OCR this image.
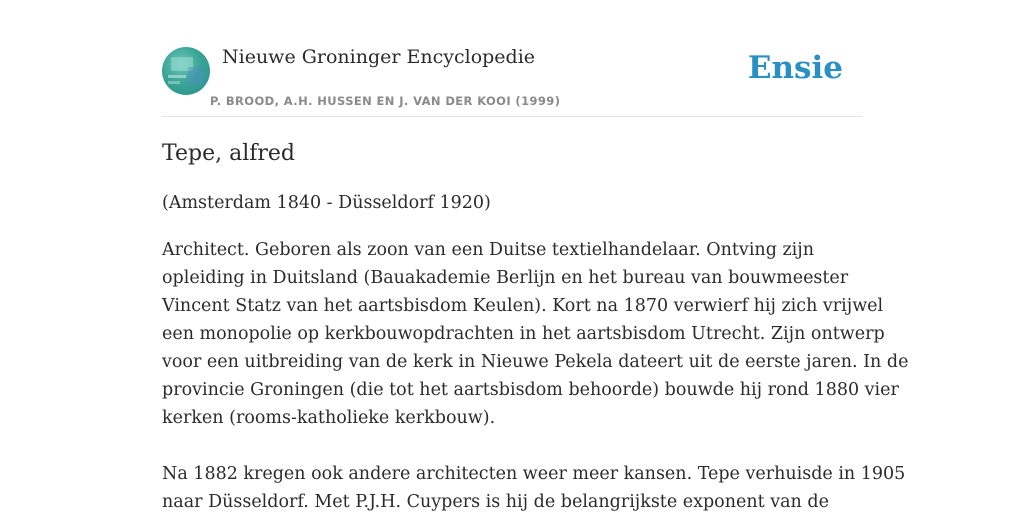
Nieuwe Groninger Encyclopedie
P. BROOD, A.H. HUSSEN EN J. VAN DER KOOI (1999)
Ensie
Tepe, alfred

(Amsterdam 1840 - Düsseldorf 1920)

Architect. Geboren als zoon van een Duitse textielhandelaar. Ontving zijn
opleiding in Duitsland (Bauakademie Berlijn en het bureau van bouwmeester
Vincent Statz van het aartsbisdom Keulen). Kort na 1870 verwierf hij zich vrijwel
een monopolie op kerkbouwopdrachten in het aartsbisdom Utrecht. Zijn ontwerp
voor een uitbreiding van de kerk in Nieuwe Pekela dateert uit de eerste jaren. In de
provincie Groningen (die tot het aartsbisdom behoorde) bouwde hij rond 1880 vier
kerken (rooms-katholieke kerkbouw).

Na 1882 kregen ook andere architecten weer meer kansen. Tepe verhuisde in 1905
naar Düsseldorf. Met P.J.H. Cuypers is hij de belangrijkste exponent van de
